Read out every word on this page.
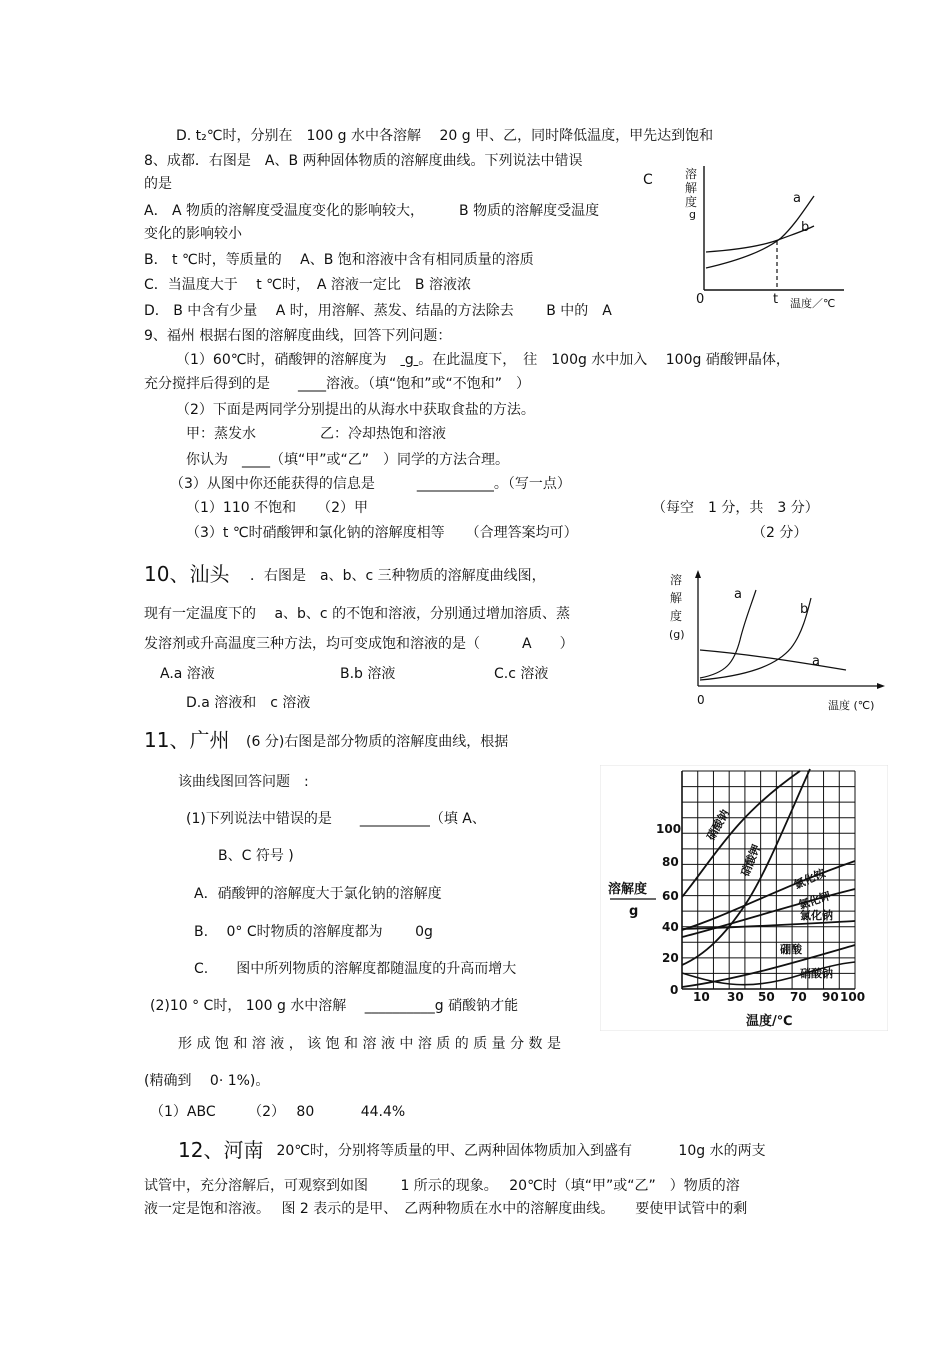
D. t₂℃时，分别在　100 g 水中各溶解　 20 g 甲、乙，同时降低温度，甲先达到饱和
8、成都．右图是　A、B 两种固体物质的溶解度曲线。下列说法中错误
的是	C
A． A 物质的溶解度受温度变化的影响较大，　　　B 物质的溶解度受温度
变化的影响较小
B． t ℃时，等质量的　 A、B 饱和溶液中含有相同质量的溶质
C．当温度大于　 t ℃时，　A 溶液一定比　B 溶液浓
D． B 中含有少量　 A 时，用溶解、蒸发、结晶的方法除去　　 B 中的　A
9、福州 根据右图的溶解度曲线，回答下列问题：
（1）60℃时，硝酸钾的溶解度为　 g 。在此温度下，　往　100g 水中加入　 100g 硝酸钾晶体，
充分搅拌后得到的是　　____溶液。（填“饱和”或“不饱和”　）
（2）下面是两同学分别提出的从海水中获取食盐的方法。
甲：蒸发水	乙：冷却热饱和溶液
你认为　____（填“甲”或“乙”　）同学的方法合理。
（3）从图中你还能获得的信息是　　　___________。（写一点）
（1）110 不饱和　　（2）甲	（每空　1 分，共　3 分）
（3）t ℃时硝酸钾和氯化钠的溶解度相等　　（合理答案均可）	（2 分）
10、汕头 ．右图是　a、b、c 三种物质的溶解度曲线图，
现有一定温度下的　 a、b、c 的不饱和溶液，分别通过增加溶质、蒸
发溶剂或升高温度三种方法，均可变成饱和溶液的是（　　　A　　）
A.a 溶液	B.b 溶液	C.c 溶液
D.a 溶液和　c 溶液
11、广州 (6 分)右图是部分物质的溶解度曲线，根据
该曲线图回答问题　:
(1)下列说法中错误的是　　__________（填 A、
B、C 符号 )
A．硝酸钾的溶解度大于氯化钠的溶解度
B.　 0° C时物质的溶解度都为　　 0g
C.　　图中所列物质的溶解度都随温度的升高而增大
(2)10 ° C时， 100 g 水中溶解　 __________g 硝酸钠才能
形 成 饱 和 溶 液 ， 该 饱 和 溶 液 中 溶 质 的 质 量 分 数 是
(精确到　 0· 1%)。
（1）ABC　　 （2）　 80　　　 44.4%
12、河南
． 20℃时，分别将等质量的甲、乙两种固体物质加入到盛有　　　 10g 水的两支
试管中，充分溶解后，可观察到如图　　 1 所示的现象。　 20℃时（填“甲”或“乙”　）物质的溶
液一定是饱和溶液。　 图 2 表示的是甲、　乙两种物质在水中的溶解度曲线。　　要使甲试管中的剩
溶
解
度
g
a
b
0	t 温度／℃
溶
解
度
(g)
a
b
a
0	温度 (℃)
溶解度
g
100
80
60
40
20
0 10 30 50 70 90 100
温度/℃
硝酸钠
硝酸钾
氯化铵
氯化钾
氯化钠
硼酸
硝酸钠
